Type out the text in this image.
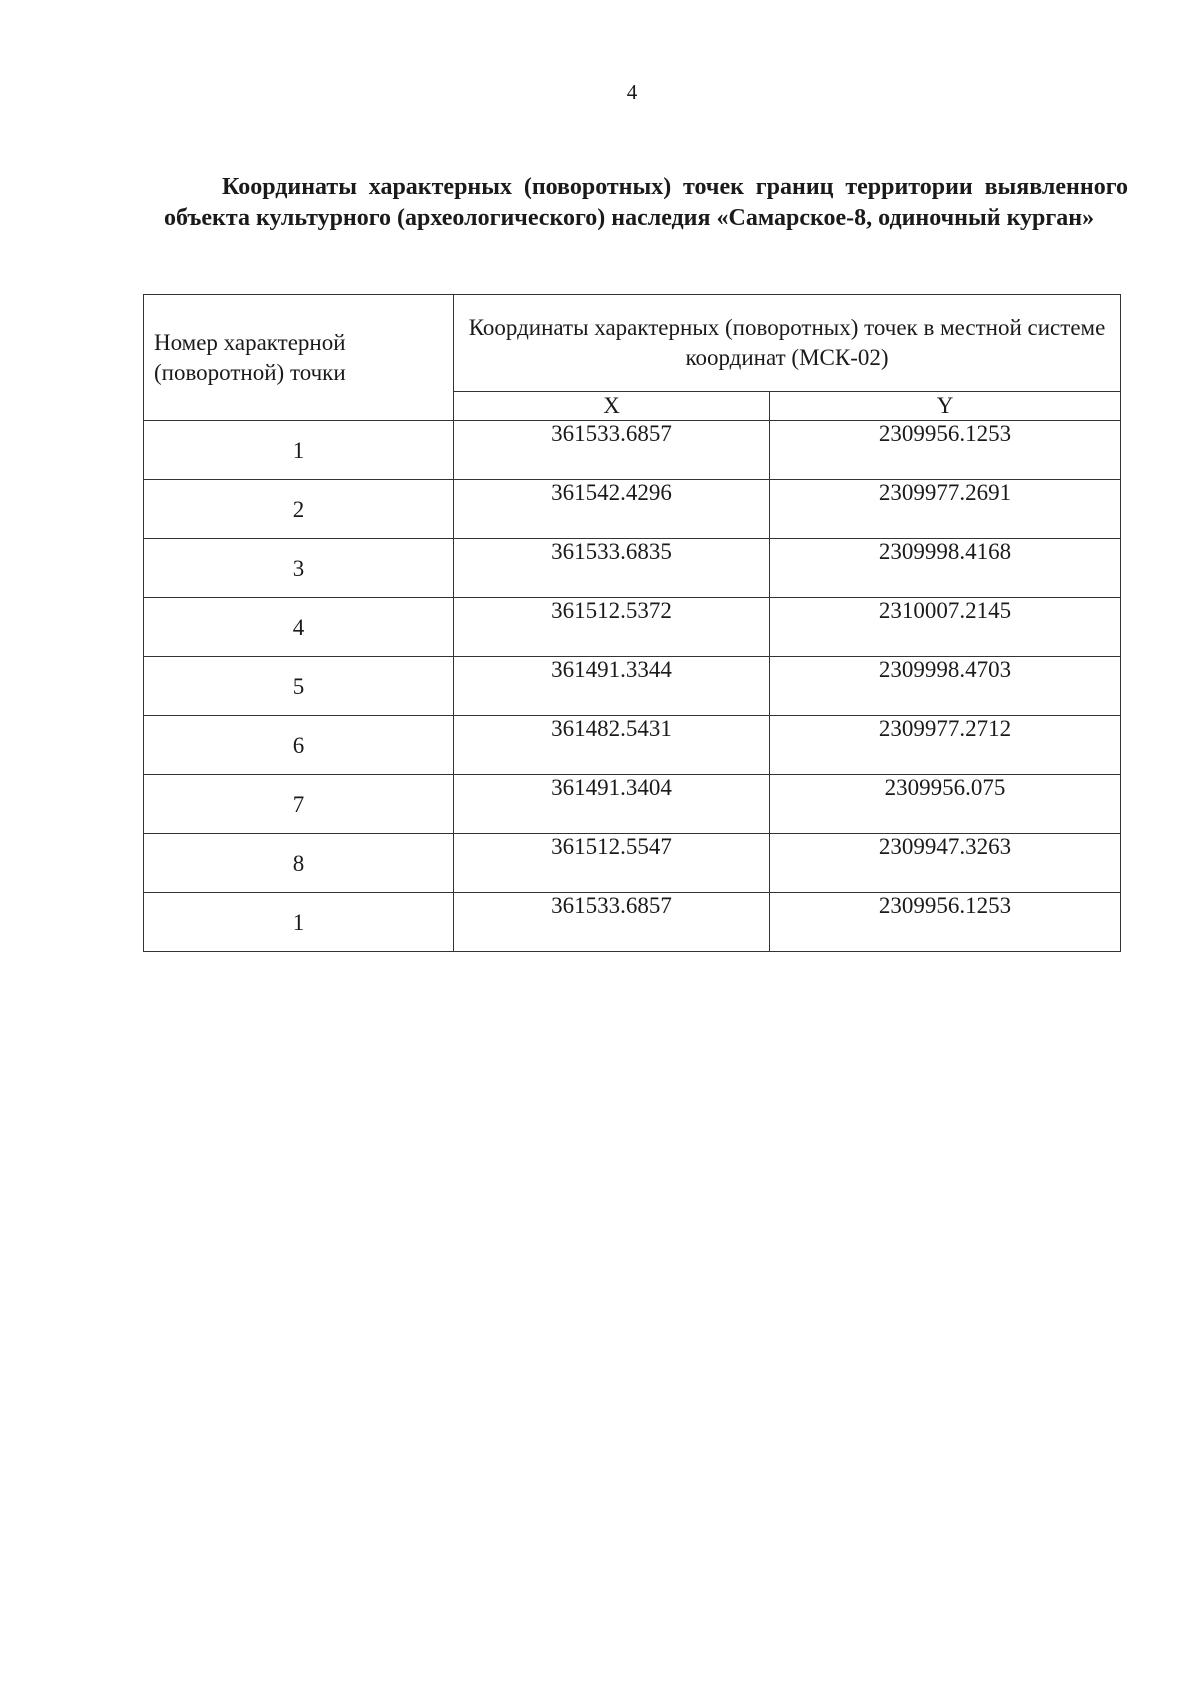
4
Координаты характерных (поворотных) точек границ территории выявленного объекта культурного (археологического) наследия «Самарское-8, одиночный курган»
Номер характерной
(поворотной) точки	Координаты характерных (поворотных) точек в местной системе координат (МСК-02)	
	X	Y
1	361533.6857	2309956.1253
2	361542.4296	2309977.2691
3	361533.6835	2309998.4168
4	361512.5372	2310007.2145
5	361491.3344	2309998.4703
6	361482.5431	2309977.2712
7	361491.3404	2309956.075
8	361512.5547	2309947.3263
1	361533.6857	2309956.1253
